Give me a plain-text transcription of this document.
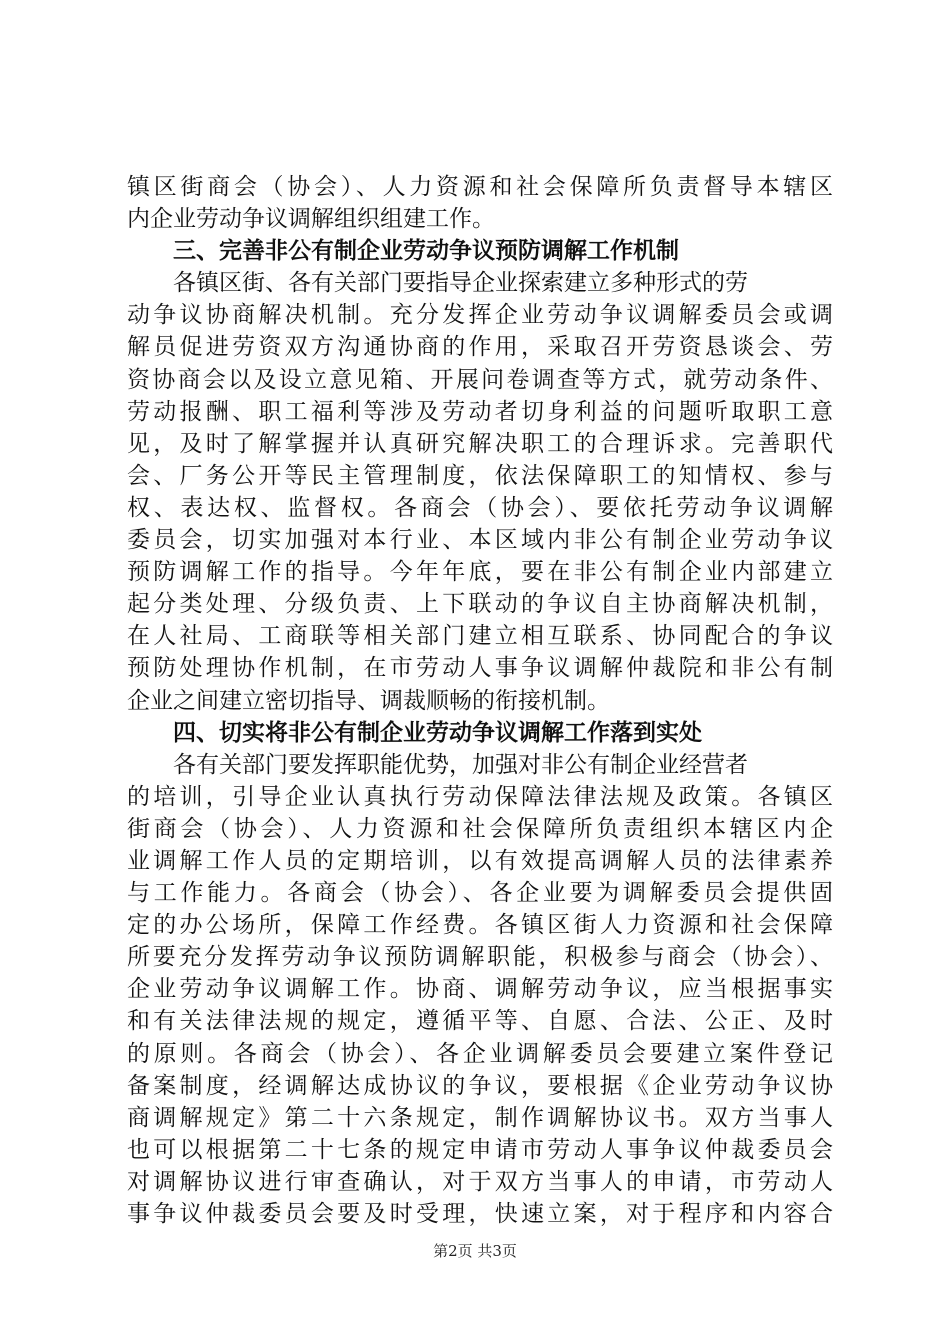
镇区街商会（协会）、人力资源和社会保障所负责督导本辖区
内企业劳动争议调解组织组建工作。
三、完善非公有制企业劳动争议预防调解工作机制
各镇区街、各有关部门要指导企业探索建立多种形式的劳
动争议协商解决机制。充分发挥企业劳动争议调解委员会或调
解员促进劳资双方沟通协商的作用，采取召开劳资恳谈会、劳
资协商会以及设立意见箱、开展问卷调查等方式，就劳动条件、
劳动报酬、职工福利等涉及劳动者切身利益的问题听取职工意
见，及时了解掌握并认真研究解决职工的合理诉求。完善职代
会、厂务公开等民主管理制度，依法保障职工的知情权、参与
权、表达权、监督权。各商会（协会）、要依托劳动争议调解
委员会，切实加强对本行业、本区域内非公有制企业劳动争议
预防调解工作的指导。今年年底，要在非公有制企业内部建立
起分类处理、分级负责、上下联动的争议自主协商解决机制，
在人社局、工商联等相关部门建立相互联系、协同配合的争议
预防处理协作机制，在市劳动人事争议调解仲裁院和非公有制
企业之间建立密切指导、调裁顺畅的衔接机制。
四、切实将非公有制企业劳动争议调解工作落到实处
各有关部门要发挥职能优势，加强对非公有制企业经营者
的培训，引导企业认真执行劳动保障法律法规及政策。各镇区
街商会（协会）、人力资源和社会保障所负责组织本辖区内企
业调解工作人员的定期培训，以有效提高调解人员的法律素养
与工作能力。各商会（协会）、各企业要为调解委员会提供固
定的办公场所，保障工作经费。各镇区街人力资源和社会保障
所要充分发挥劳动争议预防调解职能，积极参与商会（协会）、
企业劳动争议调解工作。协商、调解劳动争议，应当根据事实
和有关法律法规的规定，遵循平等、自愿、合法、公正、及时
的原则。各商会（协会）、各企业调解委员会要建立案件登记
备案制度，经调解达成协议的争议，要根据《企业劳动争议协
商调解规定》第二十六条规定，制作调解协议书。双方当事人
也可以根据第二十七条的规定申请市劳动人事争议仲裁委员会
对调解协议进行审查确认，对于双方当事人的申请，市劳动人
事争议仲裁委员会要及时受理，快速立案，对于程序和内容合
第2页 共3页
